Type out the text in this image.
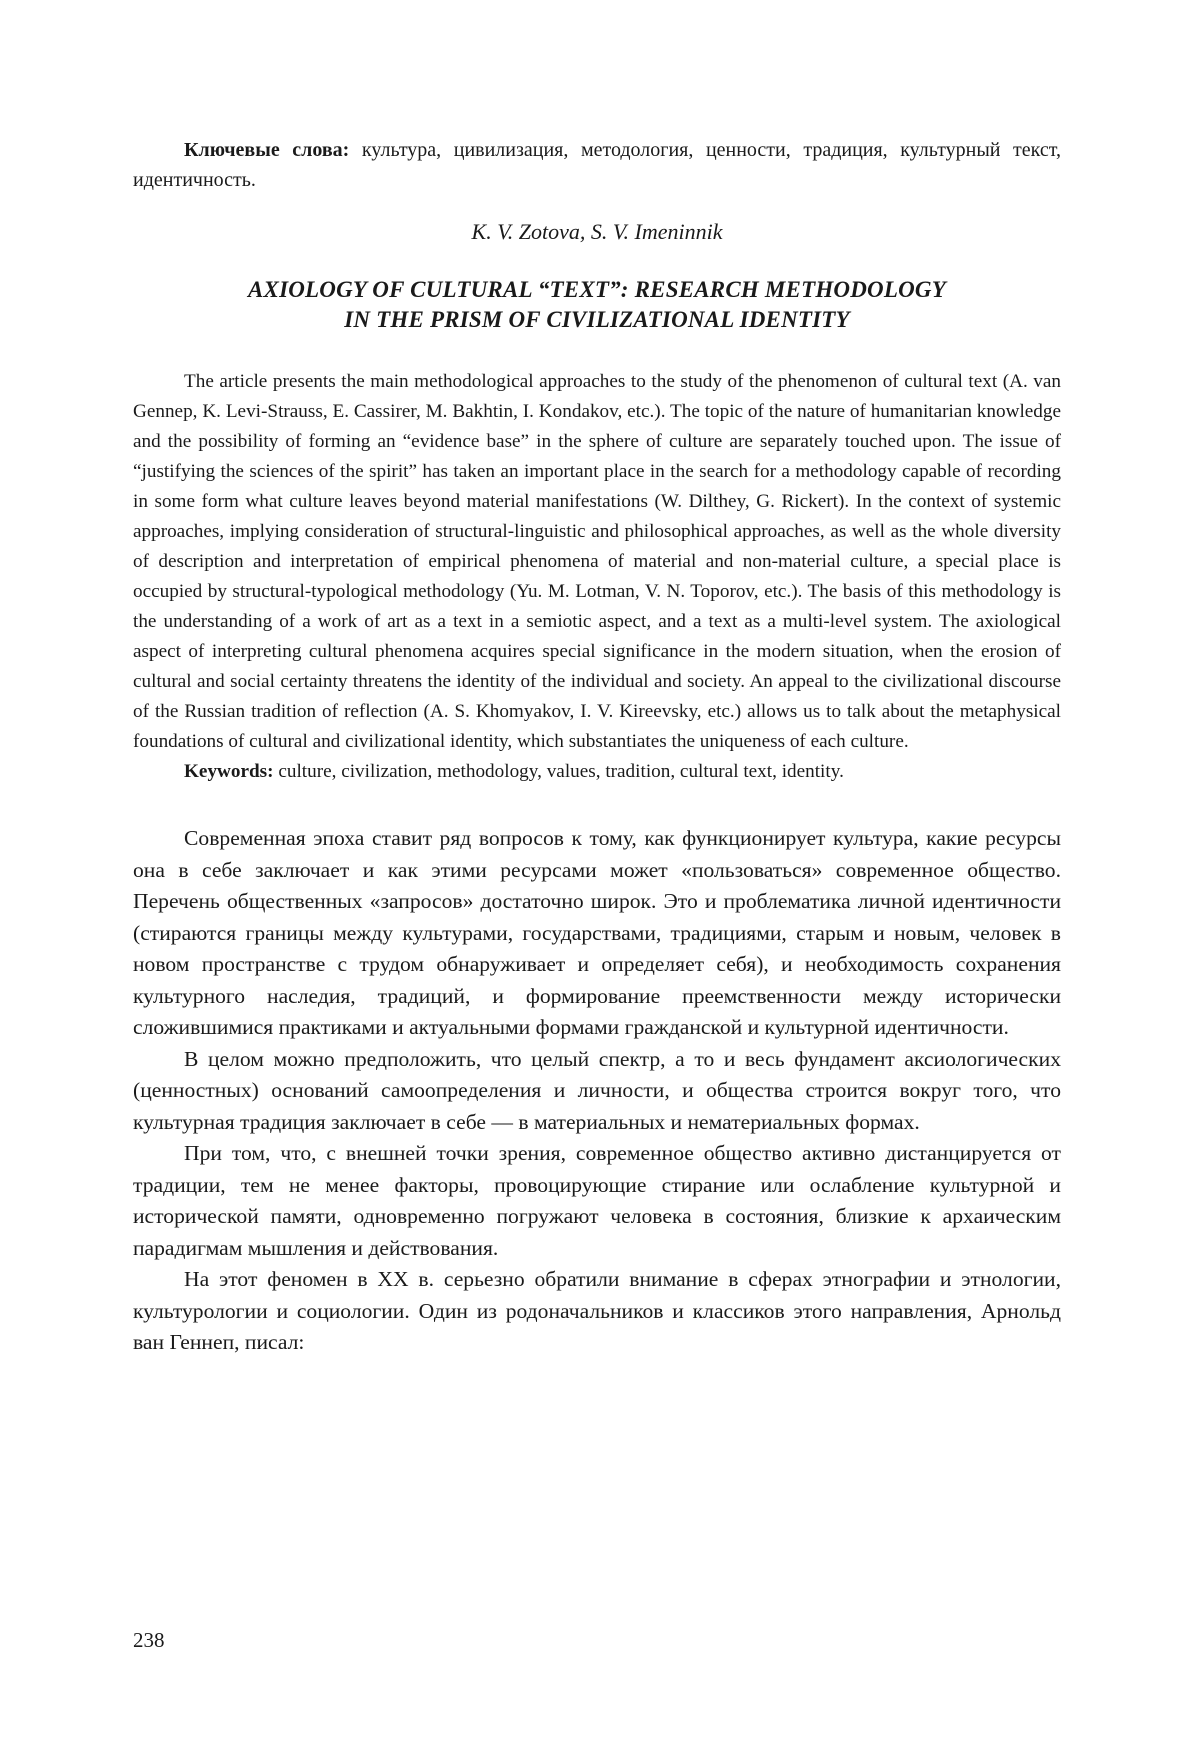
Ключевые слова: культура, цивилизация, методология, ценности, традиция, культурный текст, идентичность.

K. V. Zotova, S. V. Imeninnik

AXIOLOGY OF CULTURAL “TEXT”: RESEARCH METHODOLOGY
IN THE PRISM OF CIVILIZATIONAL IDENTITY

The article presents the main methodological approaches to the study of the phenomenon of cultural text (A. van Gennep, K. Levi-Strauss, E. Cassirer, M. Bakhtin, I. Kondakov, etc.). The topic of the nature of humanitarian knowledge and the possibility of forming an “evidence base” in the sphere of culture are separately touched upon. The issue of “justifying the sciences of the spirit” has taken an important place in the search for a methodology capable of recording in some form what culture leaves beyond material manifestations (W. Dilthey, G. Rickert). In the context of systemic approaches, implying consideration of structural-linguistic and philosophical approaches, as well as the whole diversity of description and interpretation of empirical phenomena of material and non-material culture, a special place is occupied by structural-typological methodology (Yu. M. Lotman, V. N. Toporov, etc.). The basis of this methodology is the understanding of a work of art as a text in a semiotic aspect, and a text as a multi-level system. The axiological aspect of interpreting cultural phenomena acquires special significance in the modern situation, when the erosion of cultural and social certainty threatens the identity of the individual and society. An appeal to the civilizational discourse of the Russian tradition of reflection (A. S. Khomyakov, I. V. Kireevsky, etc.) allows us to talk about the metaphysical foundations of cultural and civilizational identity, which substantiates the uniqueness of each culture.

Keywords: culture, civilization, methodology, values, tradition, cultural text, identity.

Современная эпоха ставит ряд вопросов к тому, как функционирует культура, какие ресурсы она в себе заключает и как этими ресурсами может «пользоваться» современное общество. Перечень общественных «запросов» достаточно широк. Это и проблематика личной идентичности (стираются границы между культурами, государствами, традициями, старым и новым, человек в новом пространстве с трудом обнаруживает и определяет себя), и необходимость сохранения культурного наследия, традиций, и формирование преемственности между исторически сложившимися практиками и актуальными формами гражданской и культурной идентичности.

В целом можно предположить, что целый спектр, а то и весь фундамент аксиологических (ценностных) оснований самоопределения и личности, и общества строится вокруг того, что культурная традиция заключает в себе — в материальных и нематериальных формах.

При том, что, с внешней точки зрения, современное общество активно дистанцируется от традиции, тем не менее факторы, провоцирующие стирание или ослабление культурной и исторической памяти, одновременно погружают человека в состояния, близкие к архаическим парадигмам мышления и действования.

На этот феномен в XX в. серьезно обратили внимание в сферах этнографии и этнологии, культурологии и социологии. Один из родоначальников и классиков этого направления, Арнольд ван Геннеп, писал:

238
